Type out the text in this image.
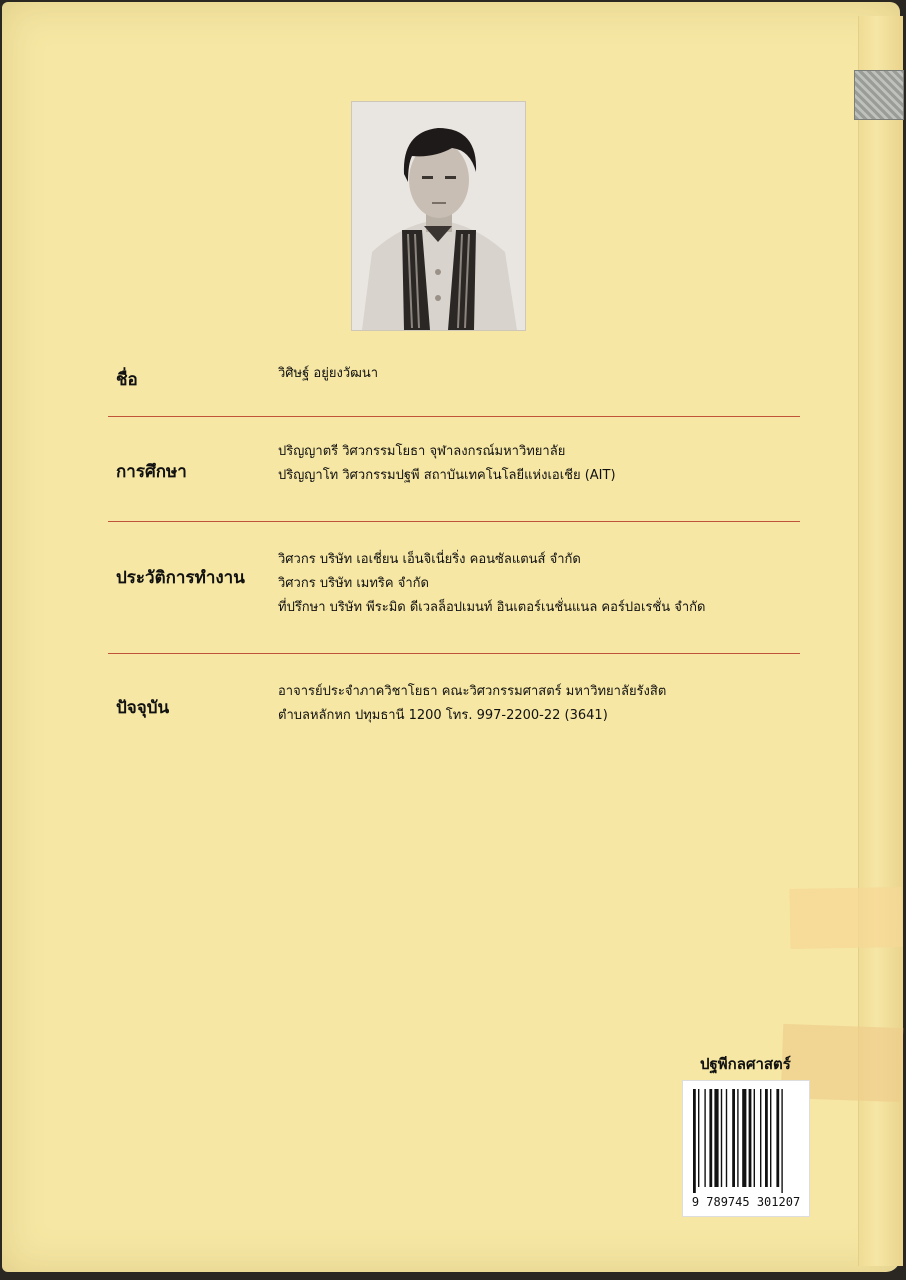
ชื่อ	วิศิษฐ์ อยู่ยงวัฒนา
การศึกษา
ปริญญาตรี วิศวกรรมโยธา จุฬาลงกรณ์มหาวิทยาลัย
ปริญญาโท วิศวกรรมปฐพี สถาบันเทคโนโลยีแห่งเอเชีย (AIT)
ประวัติการทำงาน
วิศวกร บริษัท เอเชี่ยน เอ็นจิเนี่ยริ่ง คอนซัลแตนส์ จำกัด
วิศวกร บริษัท เมทริค จำกัด
ที่ปรึกษา บริษัท พีระมิด ดีเวลล็อปเมนท์ อินเตอร์เนชั่นแนล คอร์ปอเรชั่น จำกัด
ปัจจุบัน
อาจารย์ประจำภาควิชาโยธา คณะวิศวกรรมศาสตร์ มหาวิทยาลัยรังสิต
ตำบลหลักหก ปทุมธานี 1200 โทร. 997-2200-22 (3641)
ปฐพีกลศาสตร์
9 789745 301207
